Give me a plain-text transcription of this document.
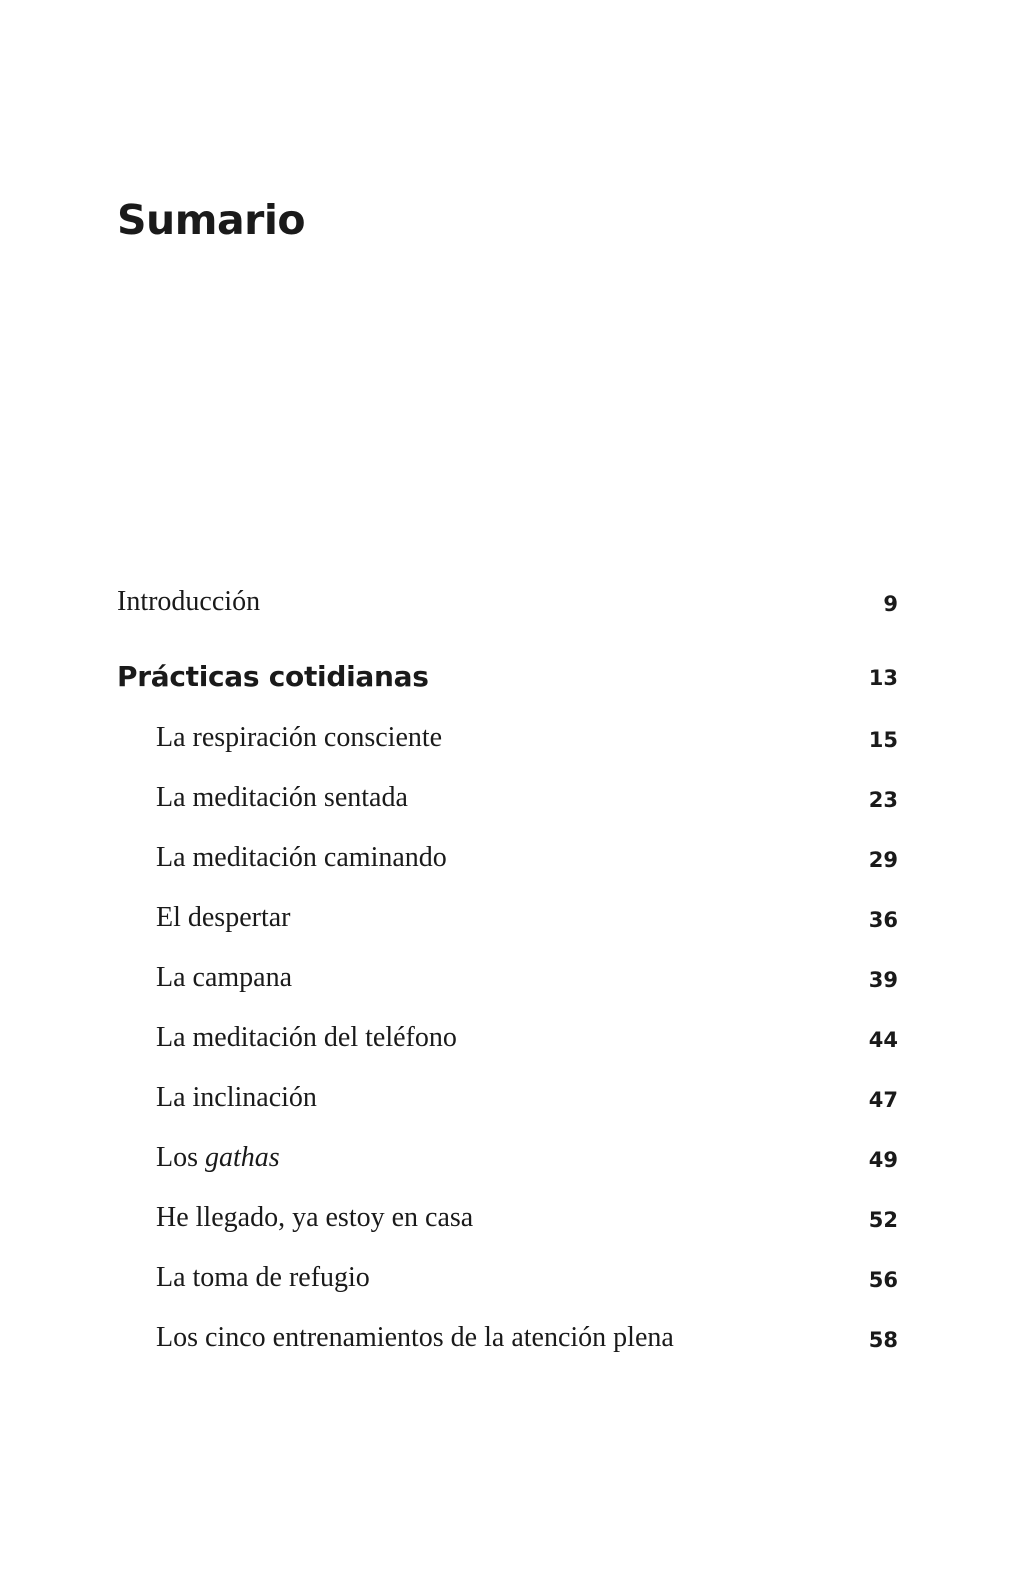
Sumario
Introducción	9
Prácticas cotidianas	13
La respiración consciente	15
La meditación sentada	23
La meditación caminando	29
El despertar	36
La campana	39
La meditación del teléfono	44
La inclinación	47
Los gathas	49
He llegado, ya estoy en casa	52
La toma de refugio	56
Los cinco entrenamientos de la atención plena	58
